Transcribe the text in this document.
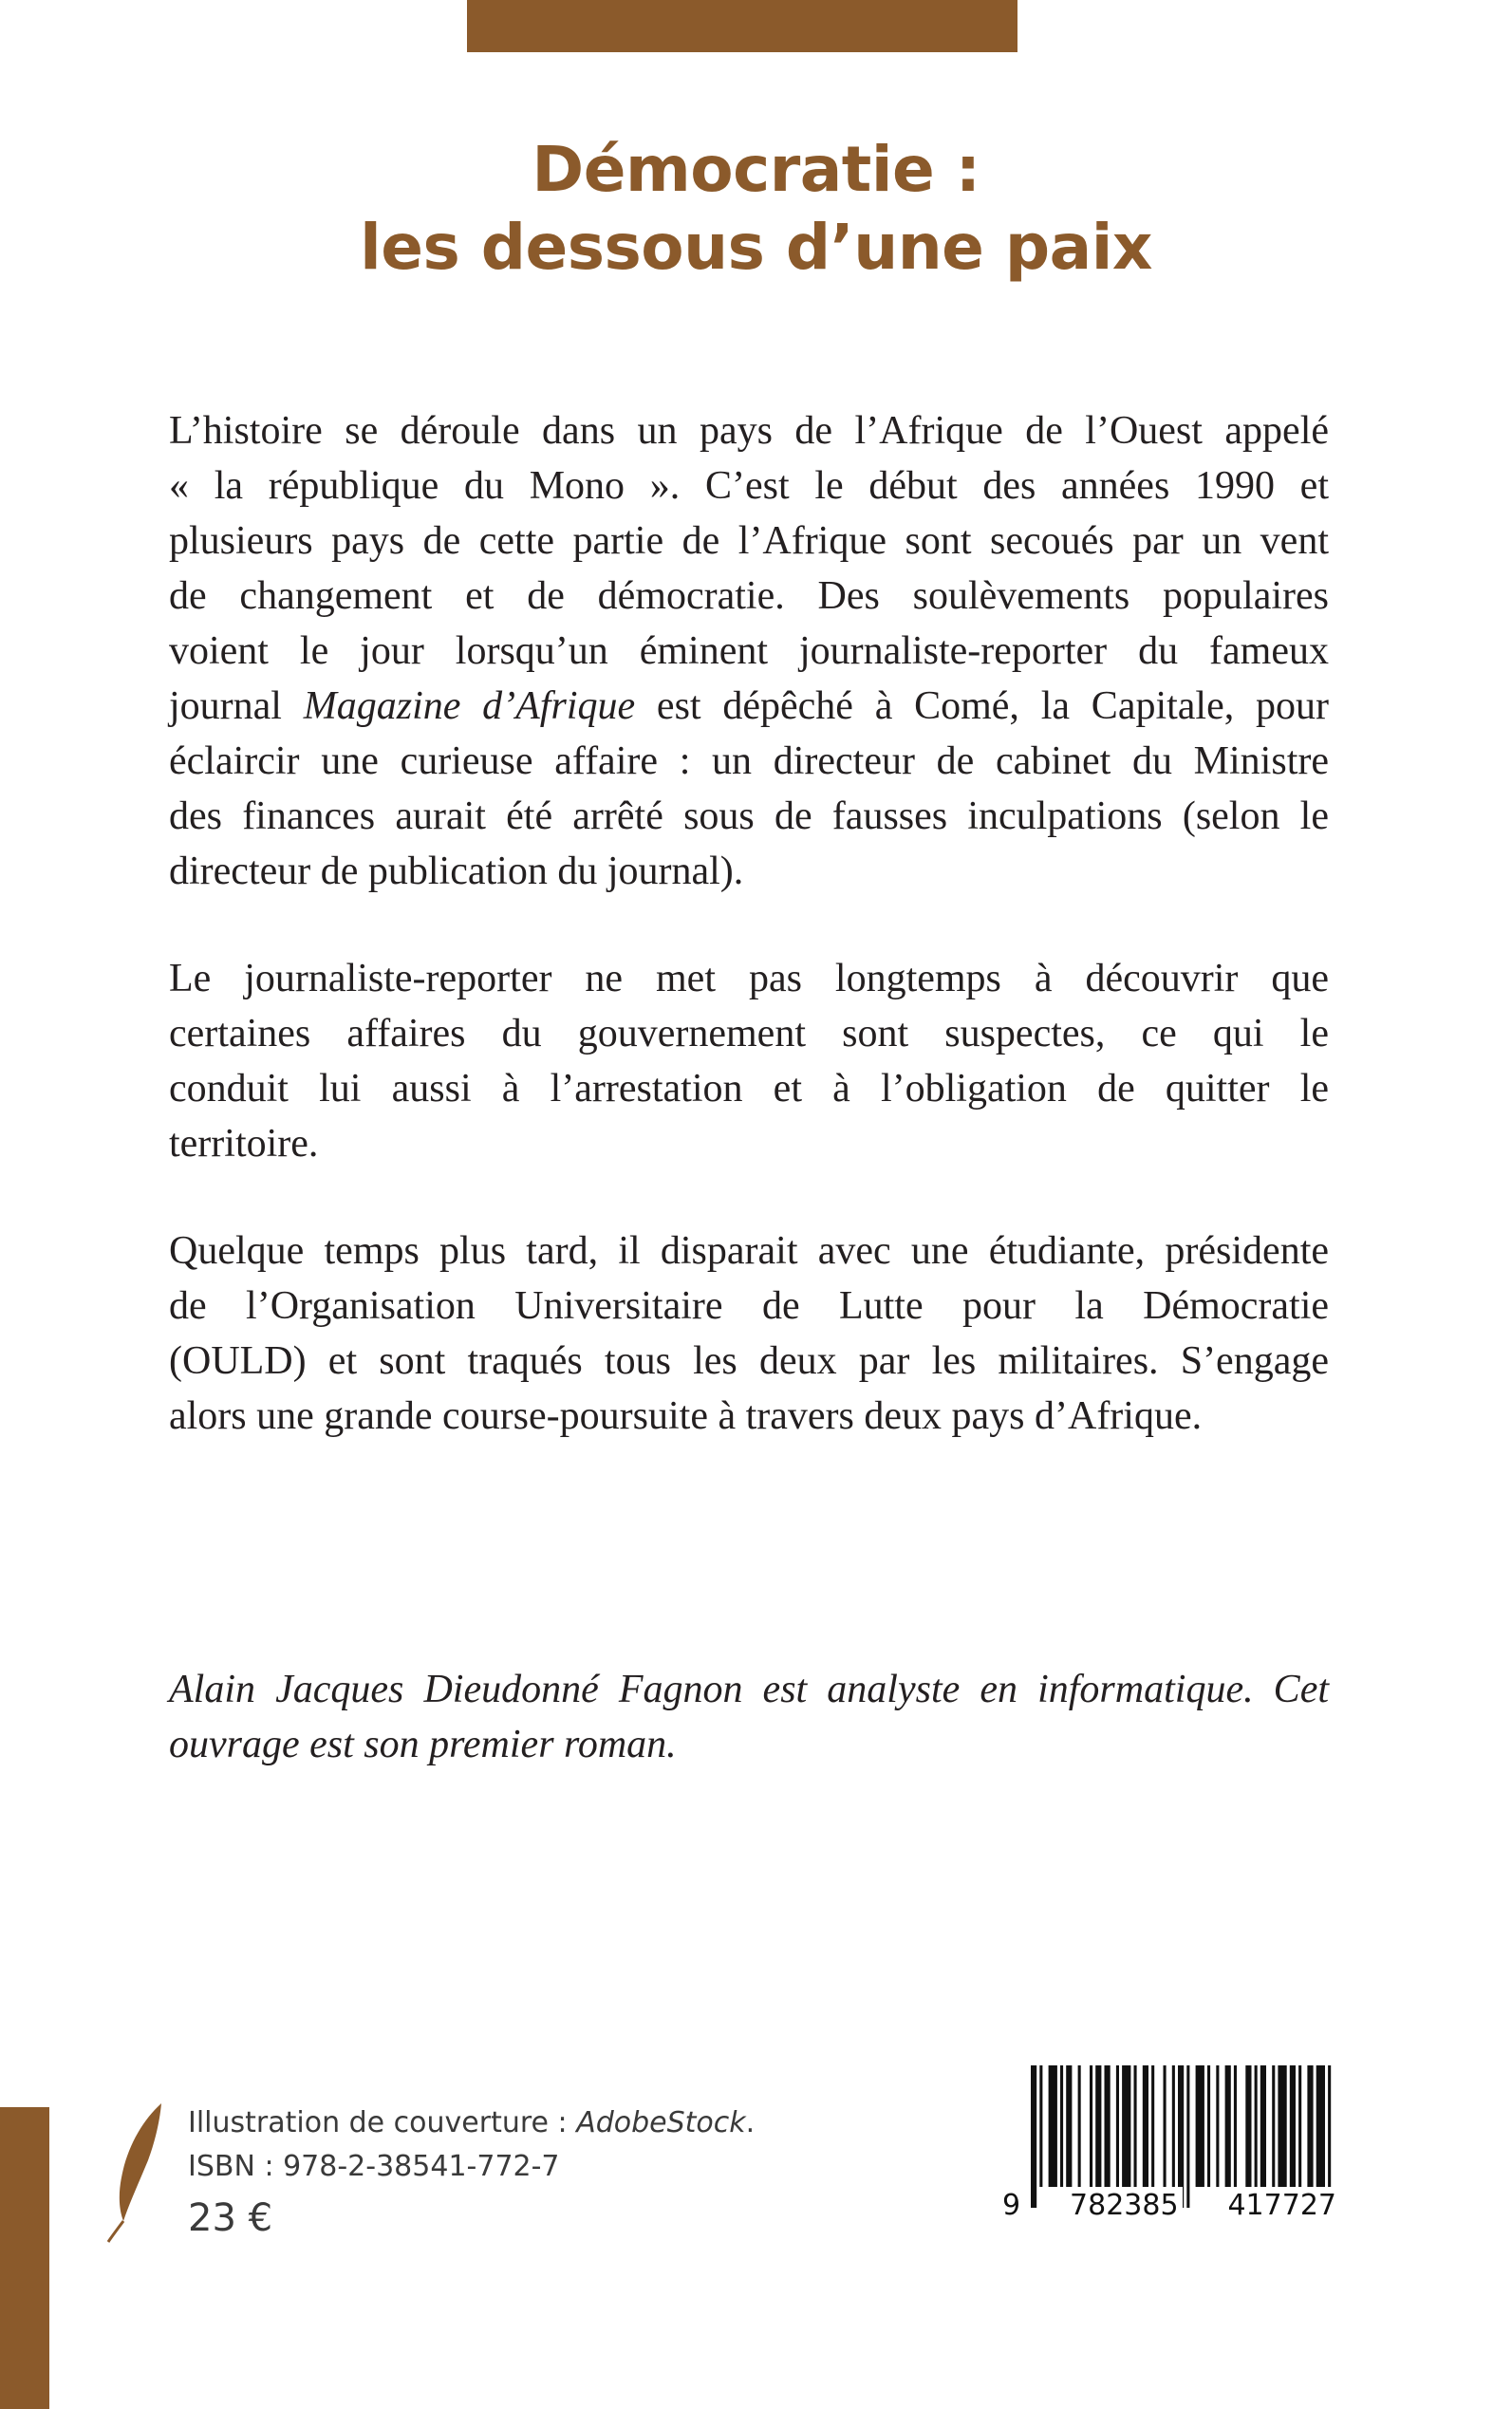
Démocratie :
les dessous d’une paix
L’histoire se déroule dans un pays de l’Afrique de l’Ouest appelé
« la république du Mono ». C’est le début des années 1990 et
plusieurs pays de cette partie de l’Afrique sont secoués par un vent
de changement et de démocratie. Des soulèvements populaires
voient le jour lorsqu’un éminent journaliste-reporter du fameux
journal Magazine d’Afrique est dépêché à Comé, la Capitale, pour
éclaircir une curieuse affaire : un directeur de cabinet du Ministre
des finances aurait été arrêté sous de fausses inculpations (selon le
directeur de publication du journal).
Le journaliste-reporter ne met pas longtemps à découvrir que
certaines affaires du gouvernement sont suspectes, ce qui le
conduit lui aussi à l’arrestation et à l’obligation de quitter le
territoire.
Quelque temps plus tard, il disparait avec une étudiante, présidente
de l’Organisation Universitaire de Lutte pour la Démocratie
(OULD) et sont traqués tous les deux par les militaires. S’engage
alors une grande course-poursuite à travers deux pays d’Afrique.
Alain Jacques Dieudonné Fagnon est analyste en informatique. Cet
ouvrage est son premier roman.
Illustration de couverture : AdobeStock.
ISBN : 978-2-38541-772-7
23 €	9 782385 417727
